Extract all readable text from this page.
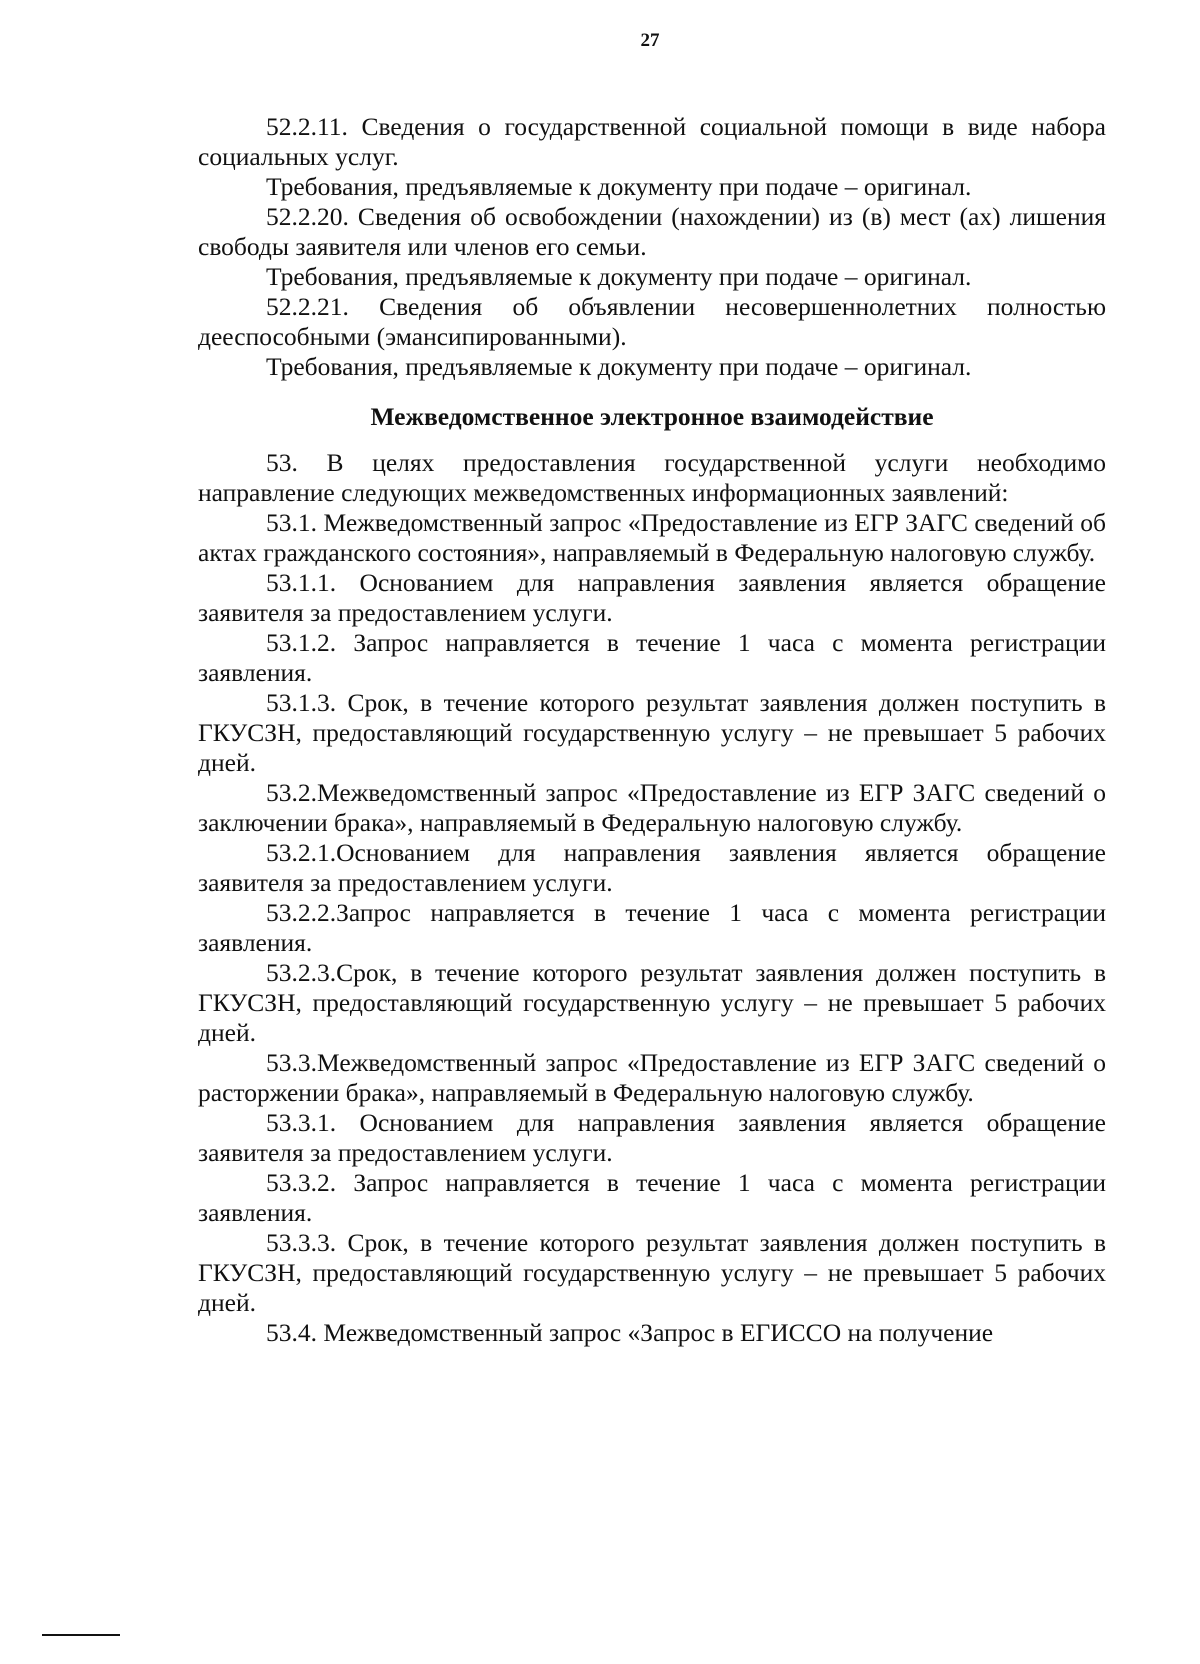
27

52.2.11. Сведения о государственной социальной помощи в виде набора социальных услуг.

Требования, предъявляемые к документу при подаче – оригинал.

52.2.20. Сведения об освобождении (нахождении) из (в) мест (ах) лишения свободы заявителя или членов его семьи.

Требования, предъявляемые к документу при подаче – оригинал.

52.2.21. Сведения об объявлении несовершеннолетних полностью дееспособными (эмансипированными).

Требования, предъявляемые к документу при подаче – оригинал.

Межведомственное электронное взаимодействие

53. В целях предоставления государственной услуги необходимо направление следующих межведомственных информационных заявлений:

53.1. Межведомственный запрос «Предоставление из ЕГР ЗАГС сведений об актах гражданского состояния», направляемый в Федеральную налоговую службу.

53.1.1. Основанием для направления заявления является обращение заявителя за предоставлением услуги.

53.1.2. Запрос направляется в течение 1 часа с момента регистрации заявления.

53.1.3. Срок, в течение которого результат заявления должен поступить в ГКУСЗН, предоставляющий государственную услугу – не превышает 5 рабочих дней.

53.2.Межведомственный запрос «Предоставление из ЕГР ЗАГС сведений о заключении брака», направляемый в Федеральную налоговую службу.

53.2.1.Основанием для направления заявления является обращение заявителя за предоставлением услуги.

53.2.2.Запрос направляется в течение 1 часа с момента регистрации заявления.

53.2.3.Срок, в течение которого результат заявления должен поступить в ГКУСЗН, предоставляющий государственную услугу – не превышает 5 рабочих дней.

53.3.Межведомственный запрос «Предоставление из ЕГР ЗАГС сведений о расторжении брака», направляемый в Федеральную налоговую службу.

53.3.1. Основанием для направления заявления является обращение заявителя за предоставлением услуги.

53.3.2. Запрос направляется в течение 1 часа с момента регистрации заявления.

53.3.3. Срок, в течение которого результат заявления должен поступить в ГКУСЗН, предоставляющий государственную услугу – не превышает 5 рабочих дней.

53.4. Межведомственный запрос «Запрос в ЕГИССО на получение
